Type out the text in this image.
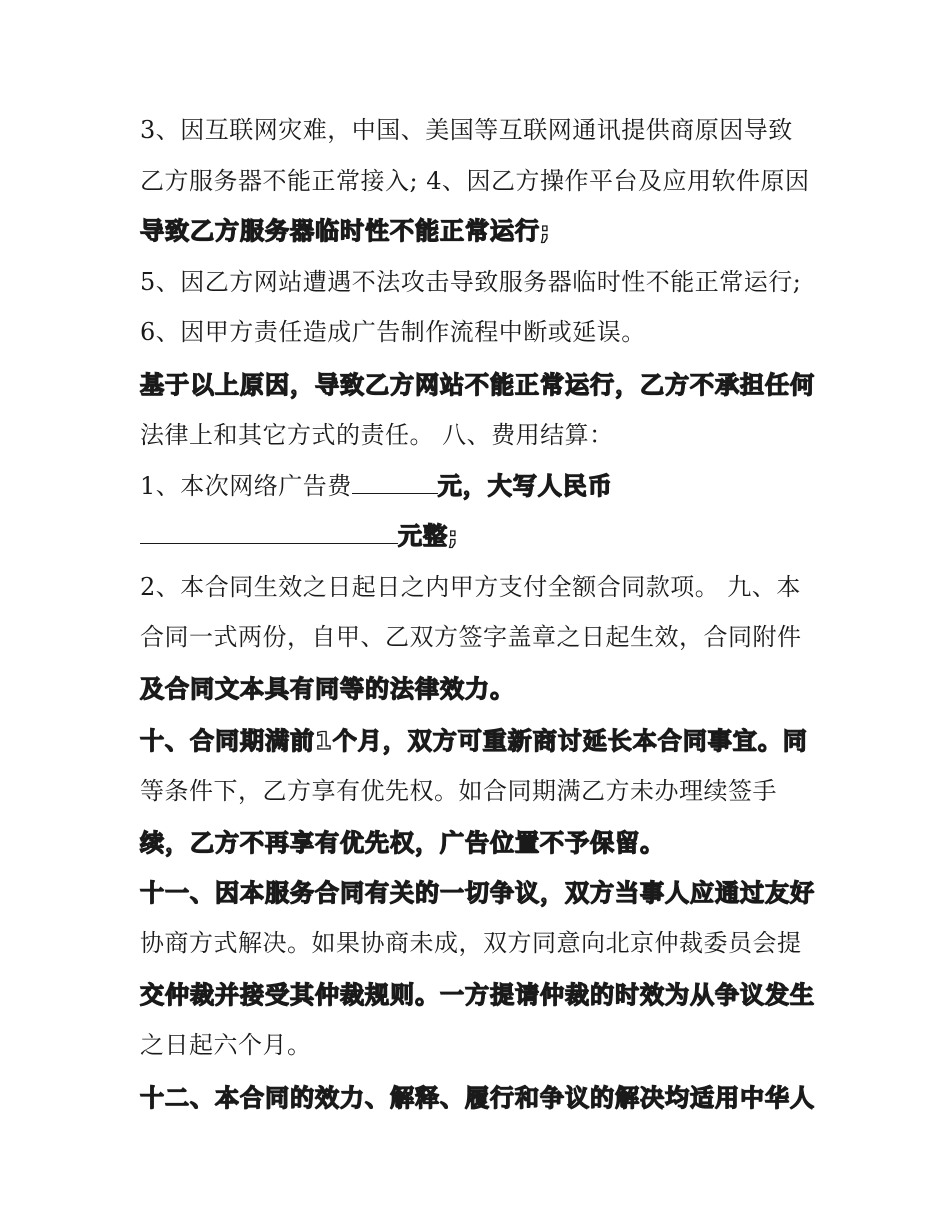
3、因互联网灾难，中国、美国等互联网通讯提供商原因导致
乙方服务器不能正常接入; 4、因乙方操作平台及应用软件原因
导致乙方服务器临时性不能正常运行;
5、因乙方网站遭遇不法攻击导致服务器临时性不能正常运行;
6、因甲方责任造成广告制作流程中断或延误。
基于以上原因，导致乙方网站不能正常运行，乙方不承担任何
法律上和其它方式的责任。 八、费用结算：
1、本次网络广告费	元，大写人民币
元整;
2、本合同生效之日起日之内甲方支付全额合同款项。 九、本
合同一式两份，自甲、乙双方签字盖章之日起生效，合同附件
及合同文本具有同等的法律效力。
十、合同期满前1个月，双方可重新商讨延长本合同事宜。同
等条件下，乙方享有优先权。如合同期满乙方未办理续签手
续，乙方不再享有优先权，广告位置不予保留。
十一、因本服务合同有关的一切争议，双方当事人应通过友好
协商方式解决。如果协商未成，双方同意向北京仲裁委员会提
交仲裁并接受其仲裁规则。一方提请仲裁的时效为从争议发生
之日起六个月。
十二、本合同的效力、解释、履行和争议的解决均适用中华人
